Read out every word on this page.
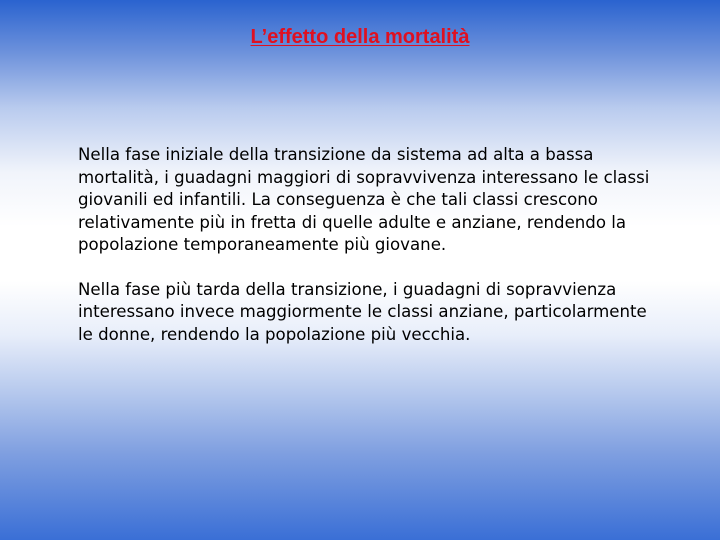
L’effetto della mortalità

Nella fase iniziale della transizione da sistema ad alta a bassa mortalità, i guadagni maggiori di sopravvivenza interessano le classi giovanili ed infantili. La conseguenza è che tali classi crescono relativamente più in fretta di quelle adulte e anziane, rendendo la popolazione temporaneamente più giovane.

Nella fase più tarda della transizione, i guadagni di sopravvienza interessano invece maggiormente le classi anziane, particolarmente le donne, rendendo la popolazione più vecchia.
